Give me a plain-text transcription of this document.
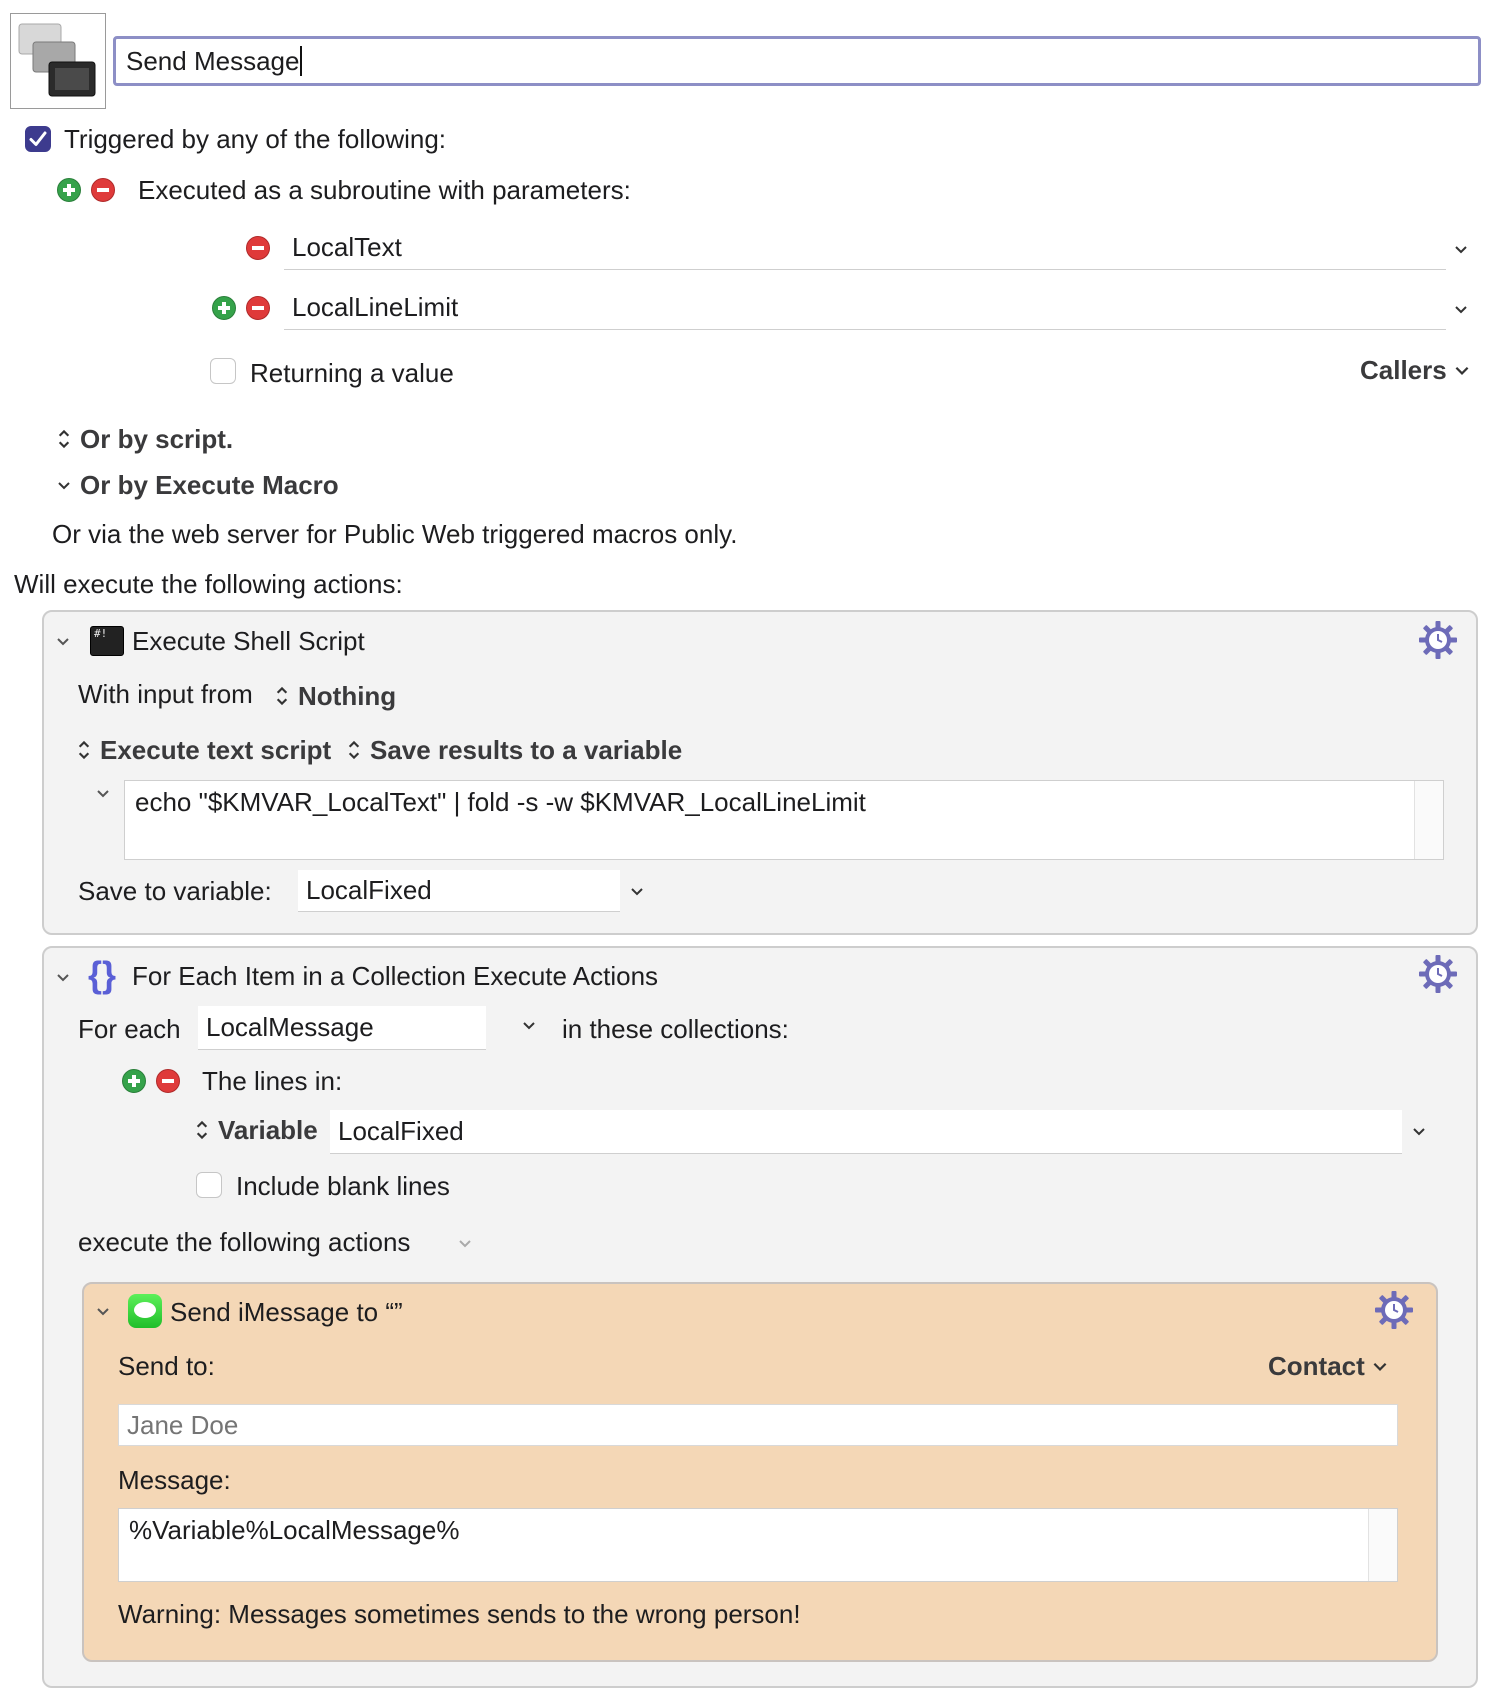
Send Message
Triggered by any of the following:
Executed as a subroutine with parameters:
LocalText
LocalLineLimit
Returning a value	Callers
Or by script.
Or by Execute Macro
Or via the web server for Public Web triggered macros only.
Will execute the following actions:
#! Execute Shell Script
With input from Nothing
Execute text script Save results to a variable
echo "$KMVAR_LocalText" | fold -s -w $KMVAR_LocalLineLimit
Save to variable: LocalFixed
{} For Each Item in a Collection Execute Actions
For each LocalMessage	in these collections:
The lines in:
Variable LocalFixed
Include blank lines
execute the following actions
Send iMessage to “”
Send to:	Contact
Jane Doe
Message:
%Variable%LocalMessage%
Warning: Messages sometimes sends to the wrong person!
